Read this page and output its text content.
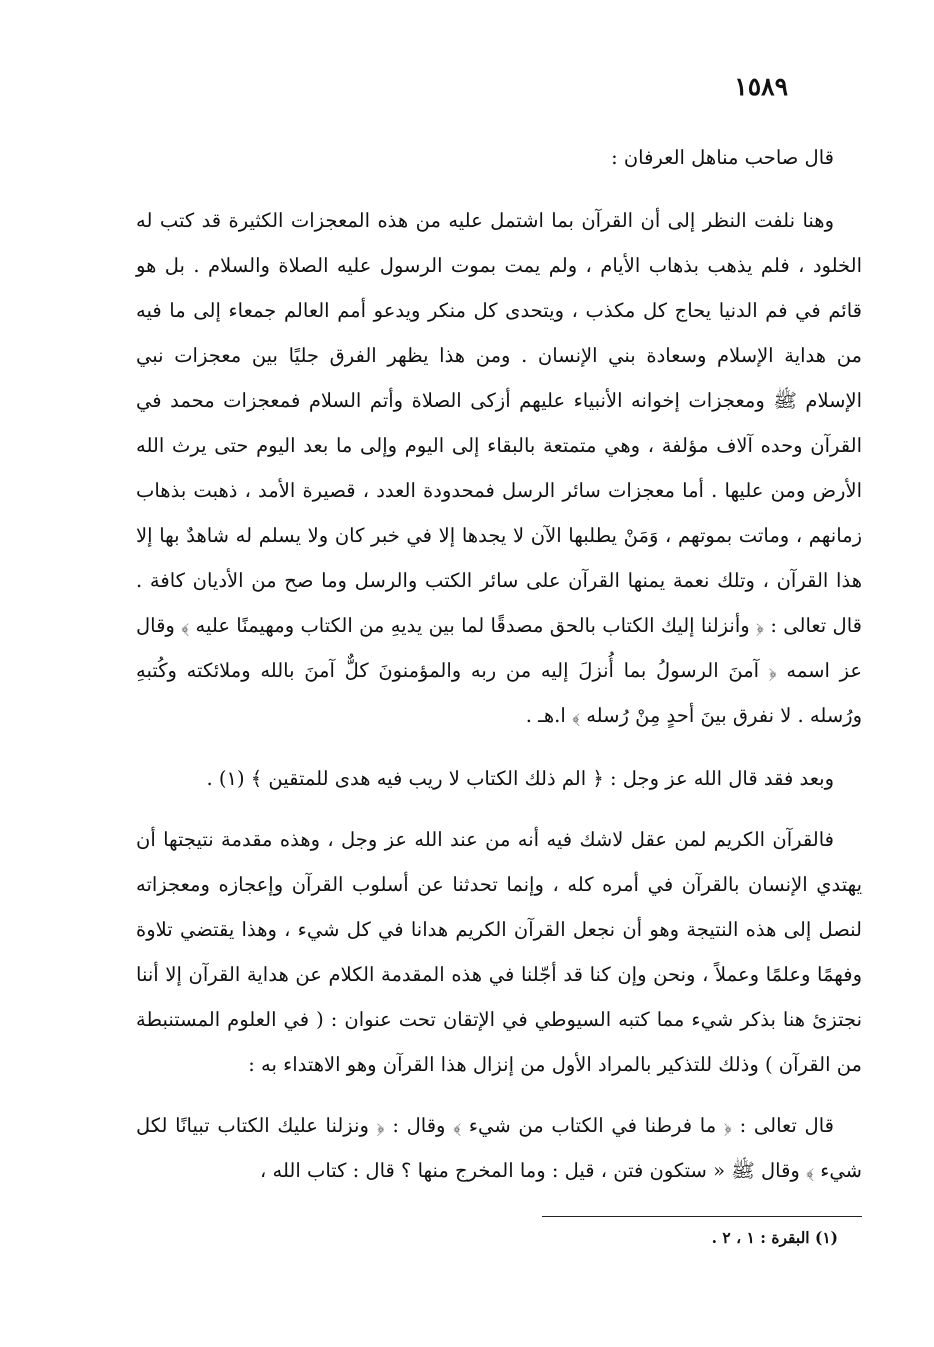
١٥٨٩

قال صاحب مناهل العرفان :

وهنا نلفت النظر إلى أن القرآن بما اشتمل عليه من هذه المعجزات الكثيرة قد كتب له الخلود ، فلم يذهب بذهاب الأيام ، ولم يمت بموت الرسول عليه الصلاة والسلام . بل هو قائم في فم الدنيا يحاج كل مكذب ، ويتحدى كل منكر ويدعو أمم العالم جمعاء إلى ما فيه من هداية الإسلام وسعادة بني الإنسان . ومن هذا يظهر الفرق جليًا بين معجزات نبي الإسلام ﷺ ومعجزات إخوانه الأنبياء عليهم أزكى الصلاة وأتم السلام فمعجزات محمد في القرآن وحده آلاف مؤلفة ، وهي متمتعة بالبقاء إلى اليوم وإلى ما بعد اليوم حتى يرث الله الأرض ومن عليها . أما معجزات سائر الرسل فمحدودة العدد ، قصيرة الأمد ، ذهبت بذهاب زمانهم ، وماتت بموتهم ، وَمَنْ يطلبها الآن لا يجدها إلا في خبر كان ولا يسلم له شاهدٌ بها إلا هذا القرآن ، وتلك نعمة يمنها القرآن على سائر الكتب والرسل وما صح من الأديان كافة . قال تعالى : ﴿ وأنزلنا إليك الكتاب بالحق مصدقًا لما بين يديهِ من الكتاب ومهيمنًا عليه ﴾ وقال عز اسمه ﴿ آمنَ الرسولُ بما أُنزلَ إليه من ربه والمؤمنونَ كلٌّ آمنَ بالله وملائكته وكُتبهِ ورُسله . لا نفرق بينَ أحدٍ مِنْ رُسله ﴾ ا.هـ .

وبعد فقد قال الله عز وجل : ﴿ الم ذلك الكتاب لا ريب فيه هدى للمتقين ﴾ (١) .

فالقرآن الكريم لمن عقل لاشك فيه أنه من عند الله عز وجل ، وهذه مقدمة نتيجتها أن يهتدي الإنسان بالقرآن في أمره كله ، وإنما تحدثنا عن أسلوب القرآن وإعجازه ومعجزاته لنصل إلى هذه النتيجة وهو أن نجعل القرآن الكريم هدانا في كل شيء ، وهذا يقتضي تلاوة وفهمًا وعلمًا وعملاً ، ونحن وإن كنا قد أجّلنا في هذه المقدمة الكلام عن هداية القرآن إلا أننا نجتزئ هنا بذكر شيء مما كتبه السيوطي في الإتقان تحت عنوان : ( في العلوم المستنبطة من القرآن ) وذلك للتذكير بالمراد الأول من إنزال هذا القرآن وهو الاهتداء به :

قال تعالى : ﴿ ما فرطنا في الكتاب من شيء ﴾ وقال : ﴿ ونزلنا عليك الكتاب تبيانًا لكل شيء ﴾ وقال ﷺ « ستكون فتن ، قيل : وما المخرج منها ؟ قال : كتاب الله ،

(١) البقرة : ١ ، ٢ .
